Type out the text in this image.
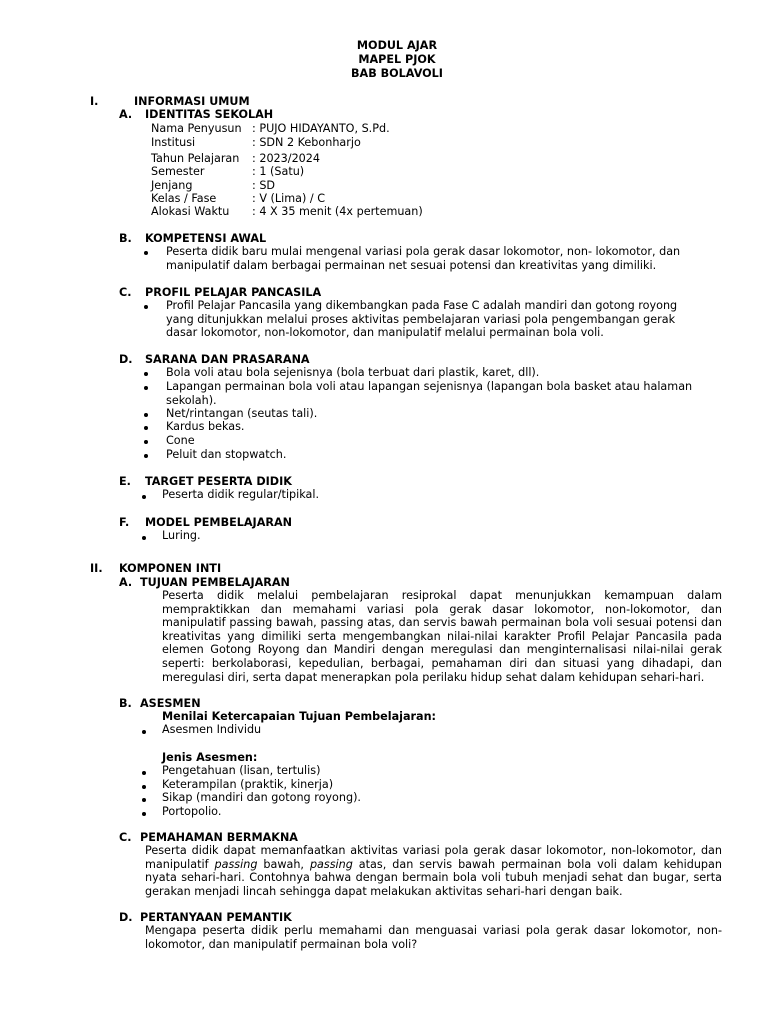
MODUL AJAR
MAPEL PJOK
BAB BOLAVOLI
I.	INFORMASI UMUM
A. IDENTITAS SEKOLAH
Nama Penyusun : PUJO HIDAYANTO, S.Pd.
Institusi	: SDN 2 Kebonharjo
Tahun Pelajaran : 2023/2024
Semester	: 1 (Satu)
Jenjang	: SD
Kelas / Fase	: V (Lima) / C
Alokasi Waktu : 4 X 35 menit (4x pertemuan)
B. KOMPETENSI AWAL
Peserta didik baru mulai mengenal variasi pola gerak dasar lokomotor, non- lokomotor, dan manipulatif dalam berbagai permainan net sesuai potensi dan kreativitas yang dimiliki.
C. PROFIL PELAJAR PANCASILA
Profil Pelajar Pancasila yang dikembangkan pada Fase C adalah mandiri dan gotong royong yang ditunjukkan melalui proses aktivitas pembelajaran variasi pola pengembangan gerak dasar lokomotor, non-lokomotor, dan manipulatif melalui permainan bola voli.
D. SARANA DAN PRASARANA
Bola voli atau bola sejenisnya (bola terbuat dari plastik, karet, dll).
Lapangan permainan bola voli atau lapangan sejenisnya (lapangan bola basket atau halaman sekolah).
Net/rintangan (seutas tali).
Kardus bekas.
Cone
Peluit dan stopwatch.
E. TARGET PESERTA DIDIK
Peserta didik regular/tipikal.
F. MODEL PEMBELAJARAN
Luring.
II. KOMPONEN INTI
A. TUJUAN PEMBELAJARAN
Peserta didik melalui pembelajaran resiprokal dapat menunjukkan kemampuan dalam mempraktikkan dan memahami variasi pola gerak dasar lokomotor, non-lokomotor, dan manipulatif passing bawah, passing atas, dan servis bawah permainan bola voli sesuai potensi dan kreativitas yang dimiliki serta mengembangkan nilai-nilai karakter Profil Pelajar Pancasila pada elemen Gotong Royong dan Mandiri dengan meregulasi dan menginternalisasi nilai-nilai gerak seperti: berkolaborasi, kepedulian, berbagai, pemahaman diri dan situasi yang dihadapi, dan meregulasi diri, serta dapat menerapkan pola perilaku hidup sehat dalam kehidupan sehari-hari.
B. ASESMEN
Menilai Ketercapaian Tujuan Pembelajaran:
Asesmen Individu
Jenis Asesmen:
Pengetahuan (lisan, tertulis)
Keterampilan (praktik, kinerja)
Sikap (mandiri dan gotong royong).
Portopolio.
C. PEMAHAMAN BERMAKNA
Peserta didik dapat memanfaatkan aktivitas variasi pola gerak dasar lokomotor, non-lokomotor, dan manipulatif passing bawah, passing atas, dan servis bawah permainan bola voli dalam kehidupan nyata sehari-hari. Contohnya bahwa dengan bermain bola voli tubuh menjadi sehat dan bugar, serta gerakan menjadi lincah sehingga dapat melakukan aktivitas sehari-hari dengan baik.
D. PERTANYAAN PEMANTIK
Mengapa peserta didik perlu memahami dan menguasai variasi pola gerak dasar lokomotor, non-lokomotor, dan manipulatif permainan bola voli?
